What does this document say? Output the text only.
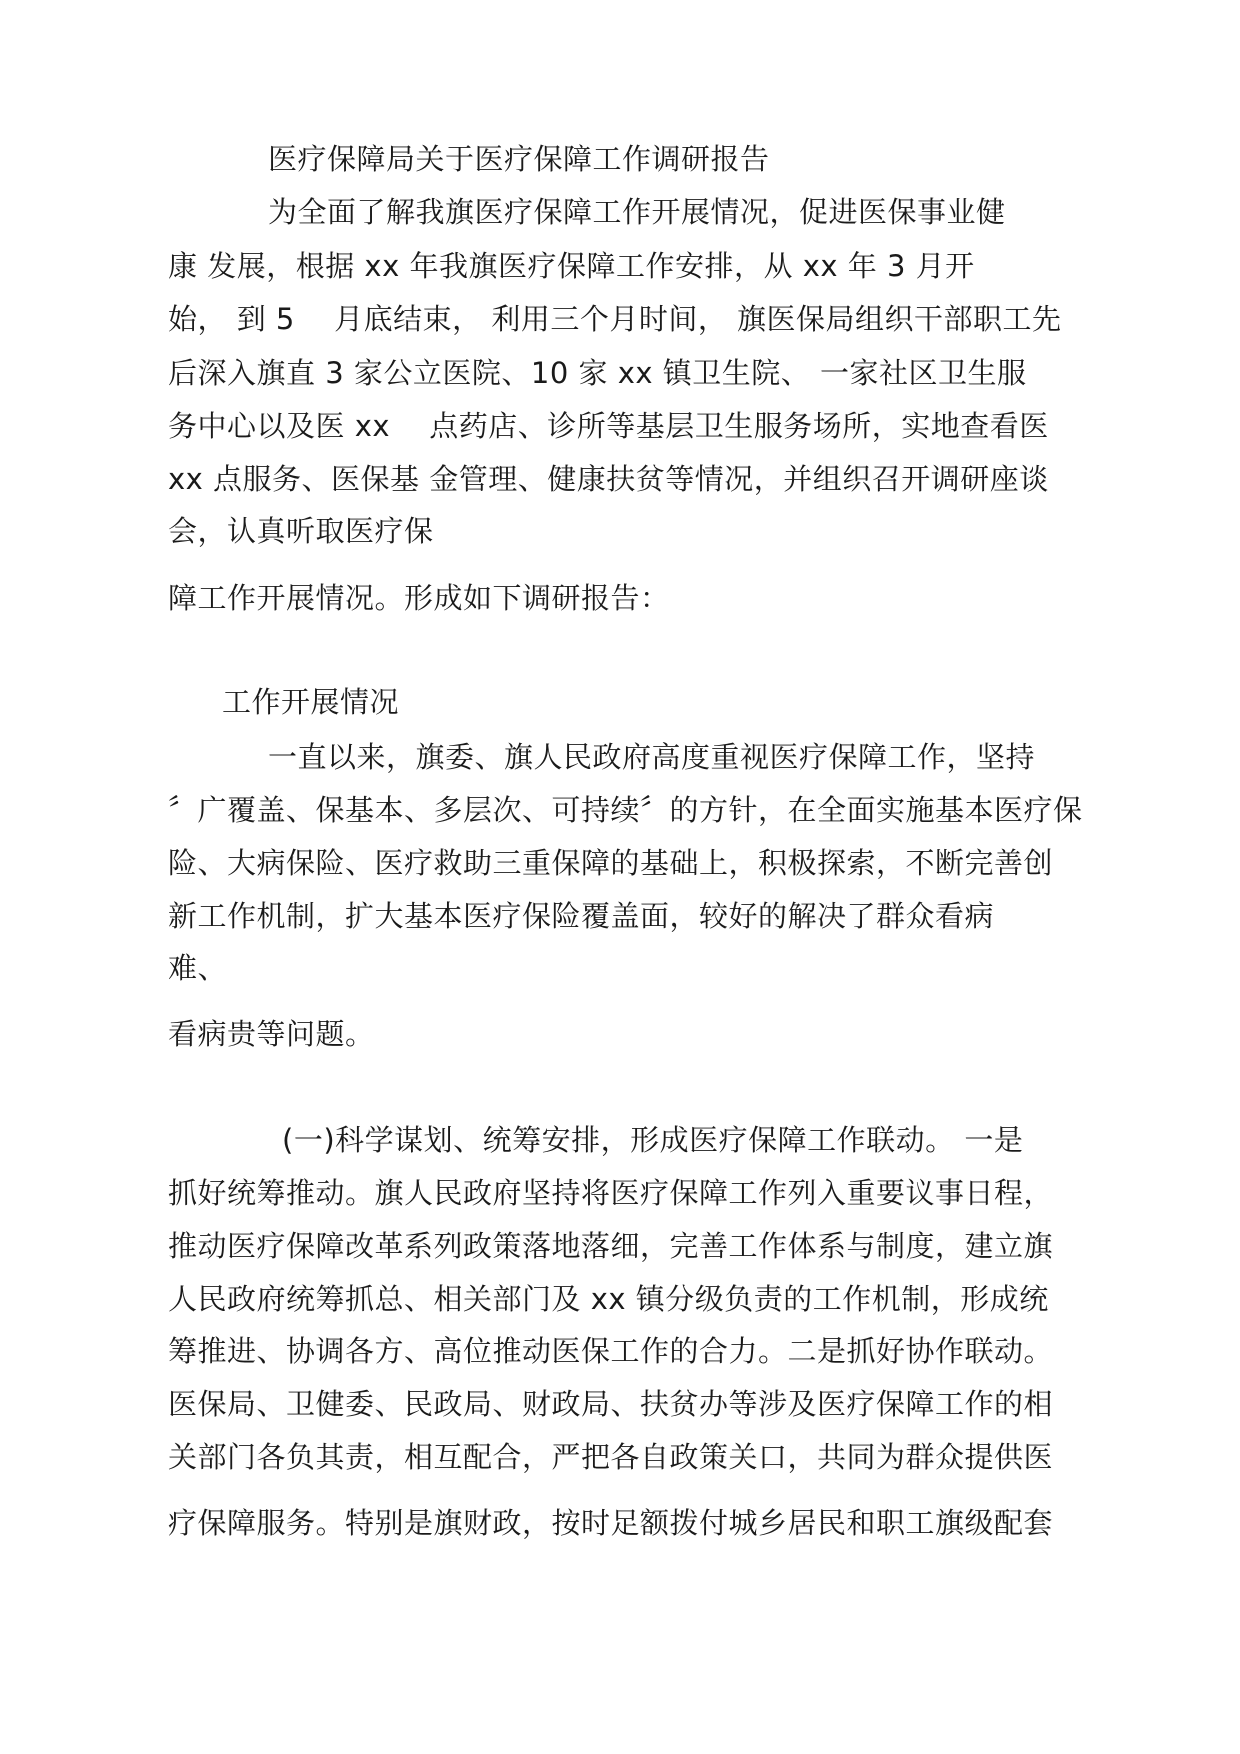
医疗保障局关于医疗保障工作调研报告
为全面了解我旗医疗保障工作开展情况，促进医保事业健
康 发展，根据 xx 年我旗医疗保障工作安排，从 xx 年 3 月开
始， 到 5　 月底结束， 利用三个月时间， 旗医保局组织干部职工先
后深入旗直 3 家公立医院、10 家 xx 镇卫生院、 一家社区卫生服
务中心以及医 xx　 点药店、诊所等基层卫生服务场所，实地查看医
xx 点服务、医保基 金管理、健康扶贫等情况，并组织召开调研座谈
会，认真听取医疗保
障工作开展情况。形成如下调研报告：
工作开展情况
一直以来，旗委、旗人民政府高度重视医疗保障工作，坚持
〞广覆盖、保基本、多层次、可持续〞的方针，在全面实施基本医疗保
险、大病保险、医疗救助三重保障的基础上，积极探索，不断完善创
新工作机制，扩大基本医疗保险覆盖面，较好的解决了群众看病
难、
看病贵等问题。
(一)科学谋划、统筹安排，形成医疗保障工作联动。 一是
抓好统筹推动。旗人民政府坚持将医疗保障工作列入重要议事日程，
推动医疗保障改革系列政策落地落细，完善工作体系与制度，建立旗
人民政府统筹抓总、相关部门及 xx 镇分级负责的工作机制，形成统
筹推进、协调各方、高位推动医保工作的合力。二是抓好协作联动。
医保局、卫健委、民政局、财政局、扶贫办等涉及医疗保障工作的相
关部门各负其责，相互配合，严把各自政策关口，共同为群众提供医
疗保障服务。特别是旗财政，按时足额拨付城乡居民和职工旗级配套
